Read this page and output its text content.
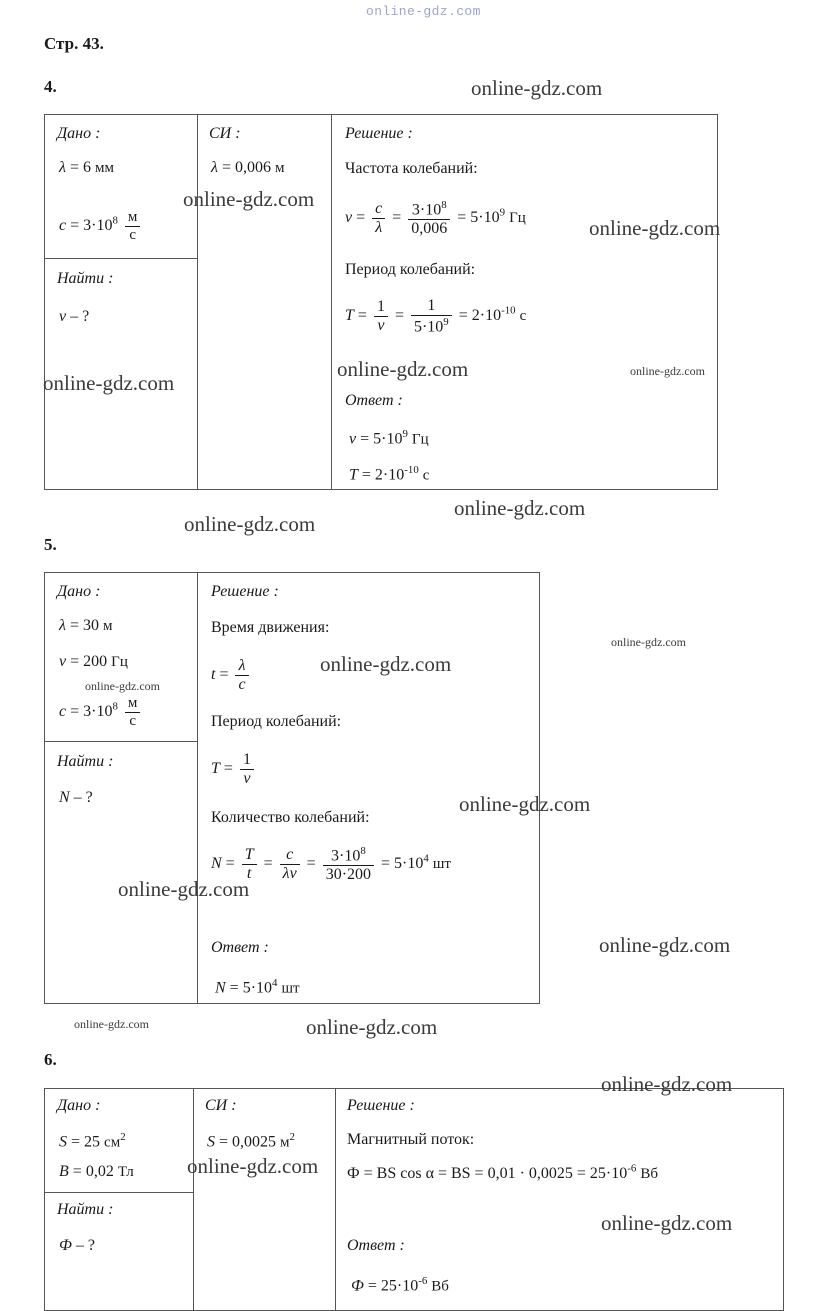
Стр. 43.
4.
Дано :
λ = 6 мм
$c = 3\cdot 10^8 \frac{м}{с}$
Найти :
ν – ?
СИ :
λ = 0,006 м
Решение :
Частота колебаний:
$\nu = \frac{c}{\lambda} = \frac{3\cdot 10^8}{0,006} = 5\cdot 10^9$ Гц
Период колебаний:
$T = \frac{1}{\nu} = \frac{1}{5\cdot 10^9} = 2\cdot 10^{-10}$ с
Ответ :
$\nu = 5\cdot 10^9$ Гц
$T = 2\cdot 10^{-10}$ с
5.
Дано :
λ = 30 м
ν = 200 Гц
$c = 3\cdot 10^8 \frac{м}{с}$
Найти :
N – ?
Решение :
Время движения:
$t = \frac{\lambda}{c}$
Период колебаний:
$T = \frac{1}{\nu}$
Количество колебаний:
$N = \frac{T}{t} = \frac{c}{\lambda\nu} = \frac{3\cdot 10^8}{30\cdot 200} = 5\cdot 10^4$ шт
Ответ :
$N = 5\cdot 10^4$ шт
6.
Дано :
S = 25 $см^2$
B = 0,02 Тл
Найти :
Ф – ?
СИ :
S = 0,0025 $м^2$
Решение :
Магнитный поток:
Ф = BS cos α = BS = $0,01 \cdot 0,0025 = 25\cdot 10^{-6}$ Вб
Ответ :
$Ф = 25\cdot 10^{-6}$ Вб
online-gdz.com
online-gdz.com
online-gdz.com
online-gdz.com
online-gdz.com	online-gdz.com
online-gdz.com
online-gdz.com
online-gdz.com
online-gdz.com
online-gdz.com
online-gdz.com
online-gdz.com
online-gdz.com
online-gdz.com
online-gdz.com	online-gdz.com
online-gdz.com
online-gdz.com
online-gdz.com
